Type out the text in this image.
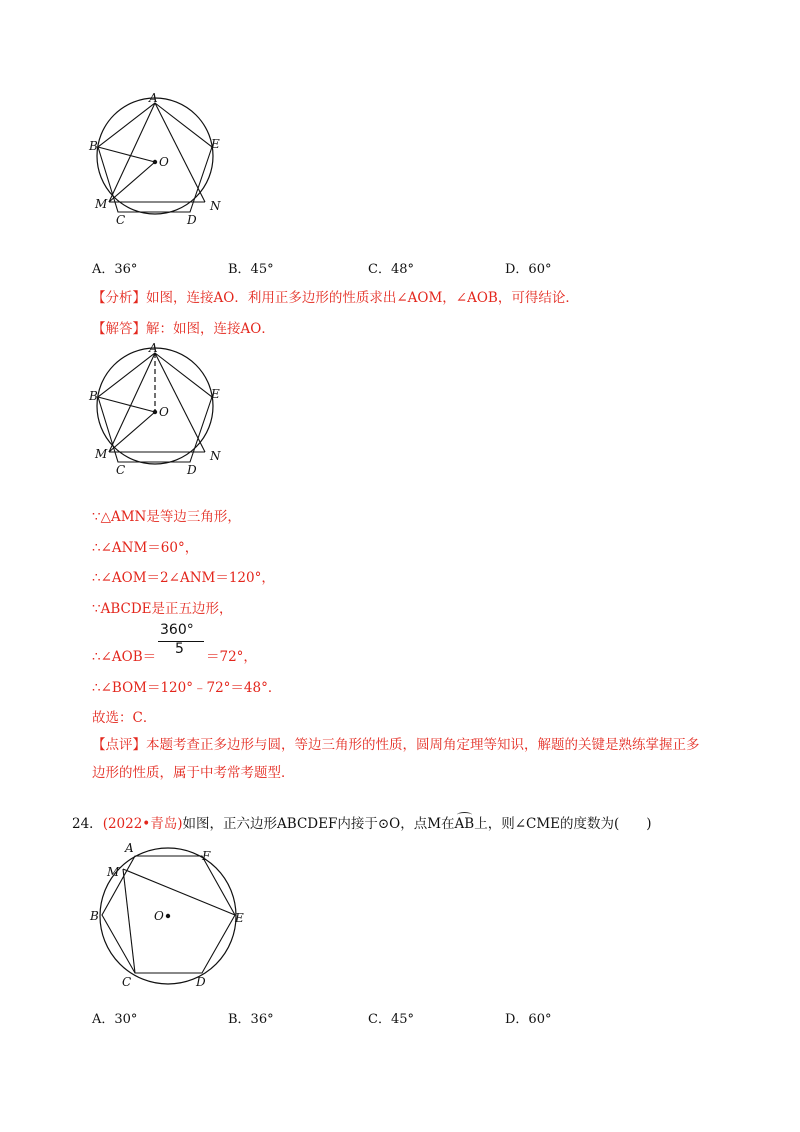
A
B	E
O
M
C	D
N
A．36°	B．45°	C．48°	D．60°
【分析】如图，连接AO．利用正多边形的性质求出∠AOM，∠AOB，可得结论．
【解答】解：如图，连接AO．
A
B	E
O
M
C	D
N
∵△AMN是等边三角形，
∴∠ANM＝60°，
∴∠AOM＝2∠ANM＝120°，
∵ABCDE是正五边形，
360°
5
∴∠AOB＝	＝72°，
∴∠BOM＝120°﹣72°＝48°．
故选：C．
【点评】本题考查正多边形与圆，等边三角形的性质，圆周角定理等知识，解题的关键是熟练掌握正多边形的性质，属于中考常考题型．
24．(2022•青岛)如图，正六边形ABCDEF内接于⊙O，点M在AB上，则∠CME的度数为(　　)
A
F
M
B	O	E
C	D
A．30°	B．36°	C．45°	D．60°
